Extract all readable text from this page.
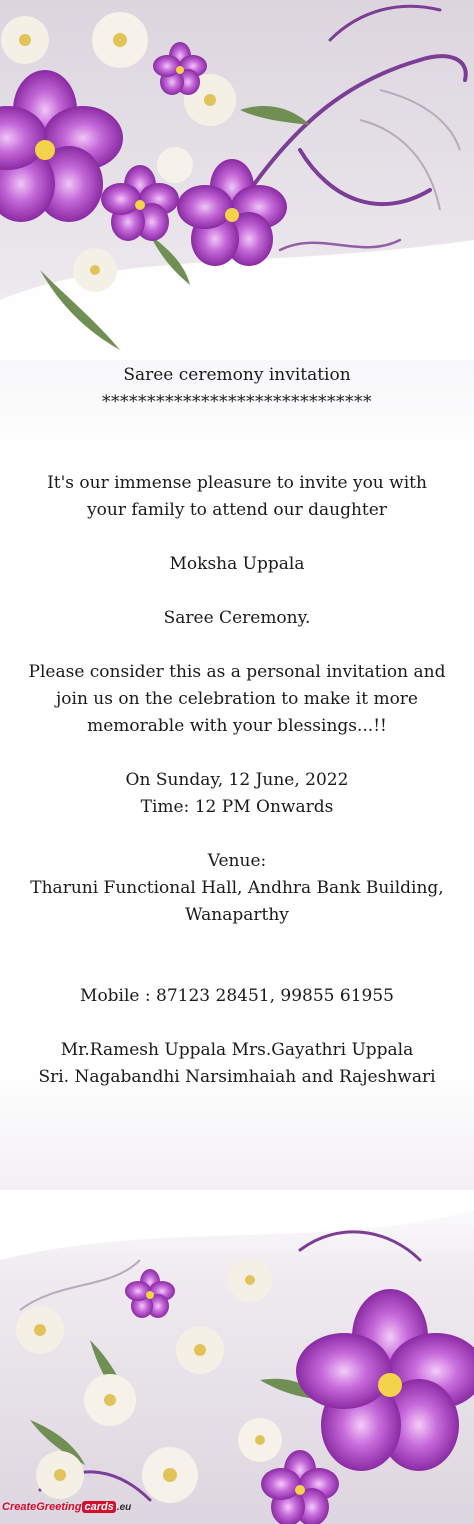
Saree ceremony invitation

******************************

It's our immense pleasure to invite you with your family to attend our daughter

Moksha Uppala

Saree Ceremony.

Please consider this as a personal invitation and join us on the celebration to make it more memorable with your blessings...!!

On Sunday, 12 June, 2022

Time: 12 PM Onwards

Venue:

Tharuni Functional Hall, Andhra Bank Building, Wanaparthy

Mobile : 87123 28451, 99855 61955

Mr.Ramesh Uppala Mrs.Gayathri Uppala

Sri. Nagabandhi Narsimhaiah and Rajeshwari

CreateGreeting cards .eu
